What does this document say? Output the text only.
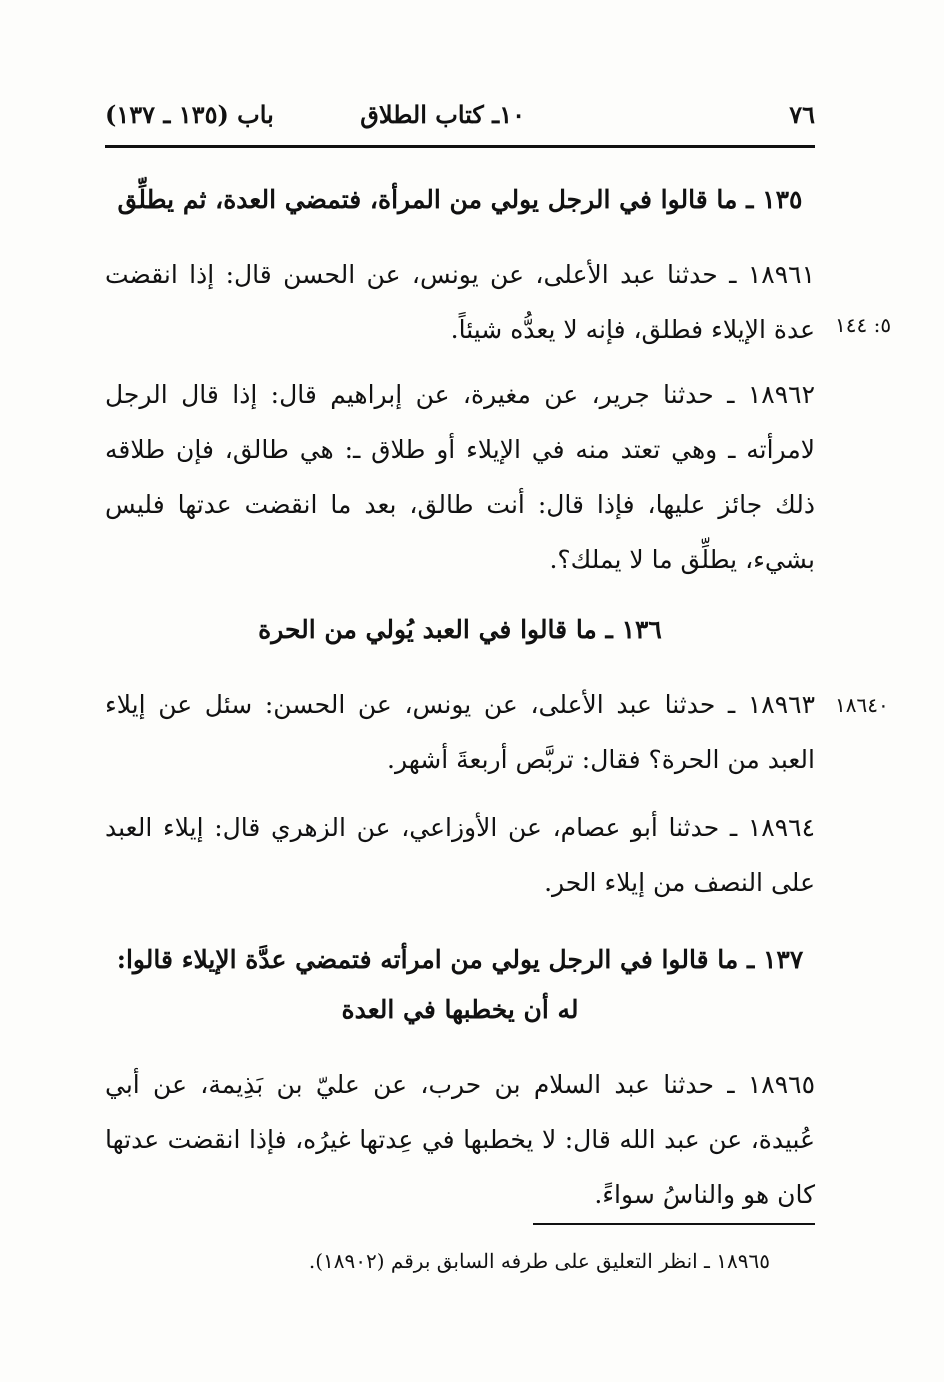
٧٦
١٠ـ كتاب الطلاق
باب (١٣٥ ـ ١٣٧)
١٣٥ ـ ما قالوا في الرجل يولي من المرأة، فتمضي العدة، ثم يطلِّق
١٨٩٦١ ـ حدثنا عبد الأعلى، عن يونس، عن الحسن قال: إذا انقضت عدة الإيلاء فطلق، فإنه لا يعدُّه شيئاً. ٥: ١٤٤
١٨٩٦٢ ـ حدثنا جرير، عن مغيرة، عن إبراهيم قال: إذا قال الرجل لامرأته ـ وهي تعتد منه في الإيلاء أو طلاق ـ: هي طالق، فإن طلاقه ذلك جائز عليها، فإذا قال: أنت طالق، بعد ما انقضت عدتها فليس بشيء، يطلِّق ما لا يملك؟.
١٣٦ ـ ما قالوا في العبد يُولي من الحرة
١٨٩٦٣ ـ حدثنا عبد الأعلى، عن يونس، عن الحسن: سئل عن إيلاء العبد من الحرة؟ فقال: تربَّص أربعةَ أشهر.
١٨٦٤٠
١٨٩٦٤ ـ حدثنا أبو عصام، عن الأوزاعي، عن الزهري قال: إيلاء العبد على النصف من إيلاء الحر.
١٣٧ ـ ما قالوا في الرجل يولي من امرأته فتمضي عدَّة الإيلاء قالوا: له أن يخطبها في العدة
١٨٩٦٥ ـ حدثنا عبد السلام بن حرب، عن عليّ بن بَذِيمة، عن أبي عُبيدة، عن عبد الله قال: لا يخطبها في عِدتها غيرُه، فإذا انقضت عدتها كان هو والناسُ سواءً.
١٨٩٦٥ ـ انظر التعليق على طرفه السابق برقم (١٨٩٠٢).
